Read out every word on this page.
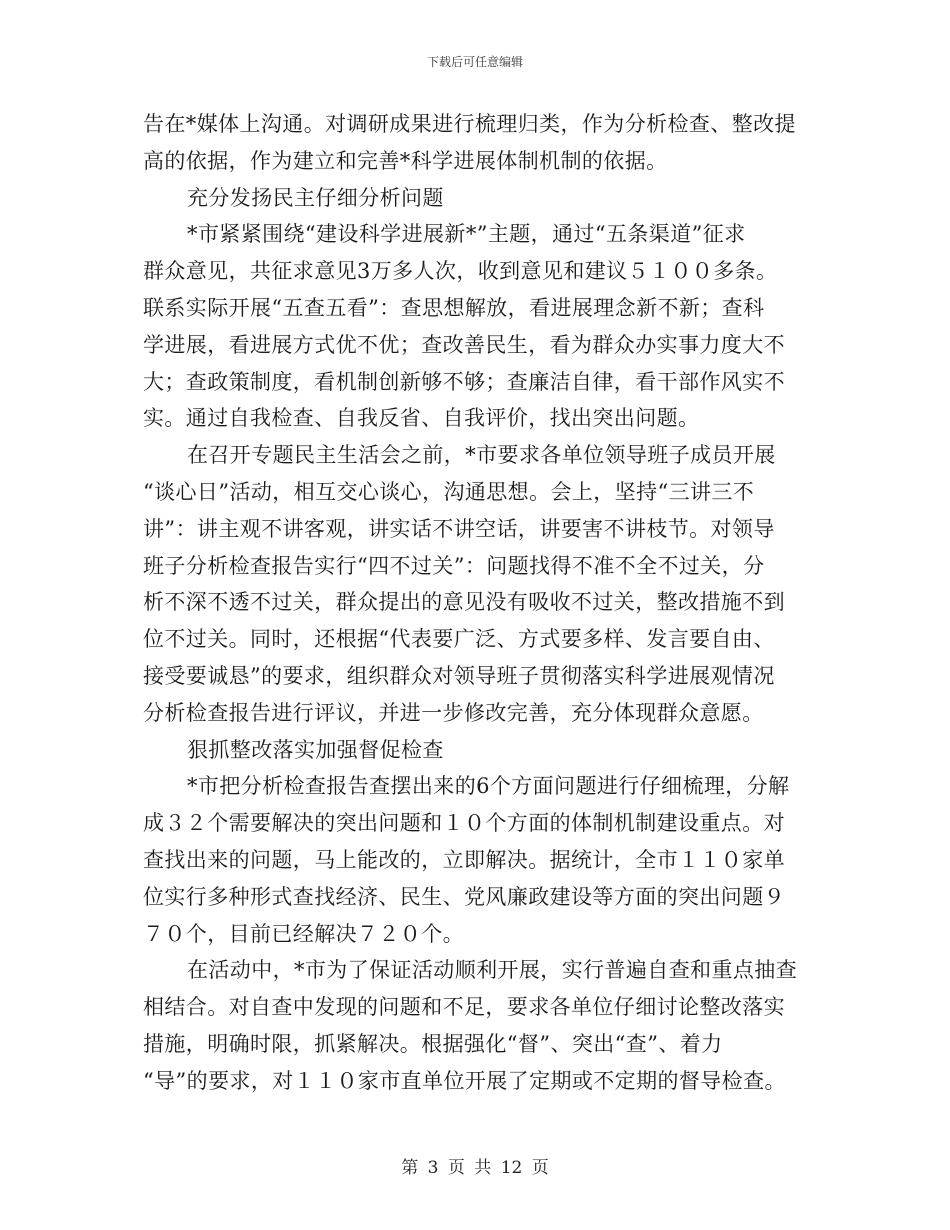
下载后可任意编辑
告在*媒体上沟通。对调研成果进行梳理归类，作为分析检查、整改提
高的依据，作为建立和完善*科学进展体制机制的依据。
充分发扬民主仔细分析问题
*市紧紧围绕“建设科学进展新*”主题，通过“五条渠道”征求
群众意见，共征求意见3万多人次，收到意见和建议５１００多条。
联系实际开展“五查五看”：查思想解放，看进展理念新不新；查科
学进展，看进展方式优不优；查改善民生，看为群众办实事力度大不
大；查政策制度，看机制创新够不够；查廉洁自律，看干部作风实不
实。通过自我检查、自我反省、自我评价，找出突出问题。
在召开专题民主生活会之前，*市要求各单位领导班子成员开展
“谈心日”活动，相互交心谈心，沟通思想。会上，坚持“三讲三不
讲”：讲主观不讲客观，讲实话不讲空话，讲要害不讲枝节。对领导
班子分析检查报告实行“四不过关”：问题找得不准不全不过关，分
析不深不透不过关，群众提出的意见没有吸收不过关，整改措施不到
位不过关。同时，还根据“代表要广泛、方式要多样、发言要自由、
接受要诚恳”的要求，组织群众对领导班子贯彻落实科学进展观情况
分析检查报告进行评议，并进一步修改完善，充分体现群众意愿。
狠抓整改落实加强督促检查
*市把分析检查报告查摆出来的6个方面问题进行仔细梳理，分解
成３２个需要解决的突出问题和１０个方面的体制机制建设重点。对
查找出来的问题，马上能改的，立即解决。据统计，全市１１０家单
位实行多种形式查找经济、民生、党风廉政建设等方面的突出问题９
７０个，目前已经解决７２０个。
在活动中，*市为了保证活动顺利开展，实行普遍自查和重点抽查
相结合。对自查中发现的问题和不足，要求各单位仔细讨论整改落实
措施，明确时限，抓紧解决。根据强化“督”、突出“查”、着力
“导”的要求，对１１０家市直单位开展了定期或不定期的督导检查。
第 3 页 共 12 页
